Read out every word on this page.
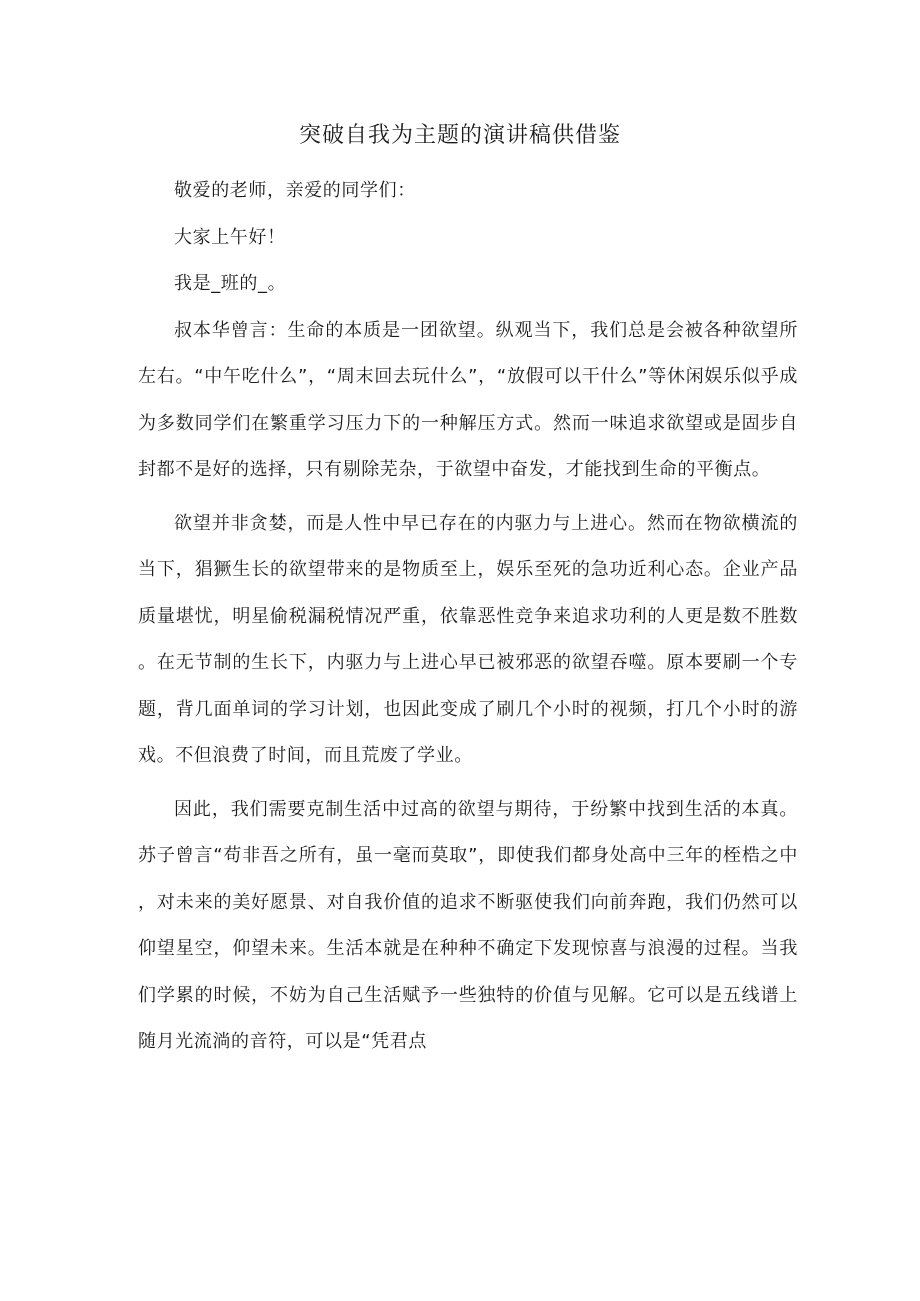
突破自我为主题的演讲稿供借鉴

敬爱的老师，亲爱的同学们：

大家上午好！

我是_班的_。

叔本华曾言：生命的本质是一团欲望。纵观当下，我们总是会被各种欲望所左右。“中午吃什么”，“周末回去玩什么”，“放假可以干什么”等休闲娱乐似乎成为多数同学们在繁重学习压力下的一种解压方式。然而一味追求欲望或是固步自封都不是好的选择，只有剔除芜杂，于欲望中奋发，才能找到生命的平衡点。

欲望并非贪婪，而是人性中早已存在的内驱力与上进心。然而在物欲横流的当下，猖獗生长的欲望带来的是物质至上，娱乐至死的急功近利心态。企业产品质量堪忧，明星偷税漏税情况严重，依靠恶性竞争来追求功利的人更是数不胜数。在无节制的生长下，内驱力与上进心早已被邪恶的欲望吞噬。原本要刷一个专题，背几面单词的学习计划，也因此变成了刷几个小时的视频，打几个小时的游戏。不但浪费了时间，而且荒废了学业。

因此，我们需要克制生活中过高的欲望与期待，于纷繁中找到生活的本真。苏子曾言“苟非吾之所有，虽一毫而莫取”，即使我们都身处高中三年的桎梏之中，对未来的美好愿景、对自我价值的追求不断驱使我们向前奔跑，我们仍然可以仰望星空，仰望未来。生活本就是在种种不确定下发现惊喜与浪漫的过程。当我们学累的时候，不妨为自己生活赋予一些独特的价值与见解。它可以是五线谱上随月光流淌的音符，可以是“凭君点
